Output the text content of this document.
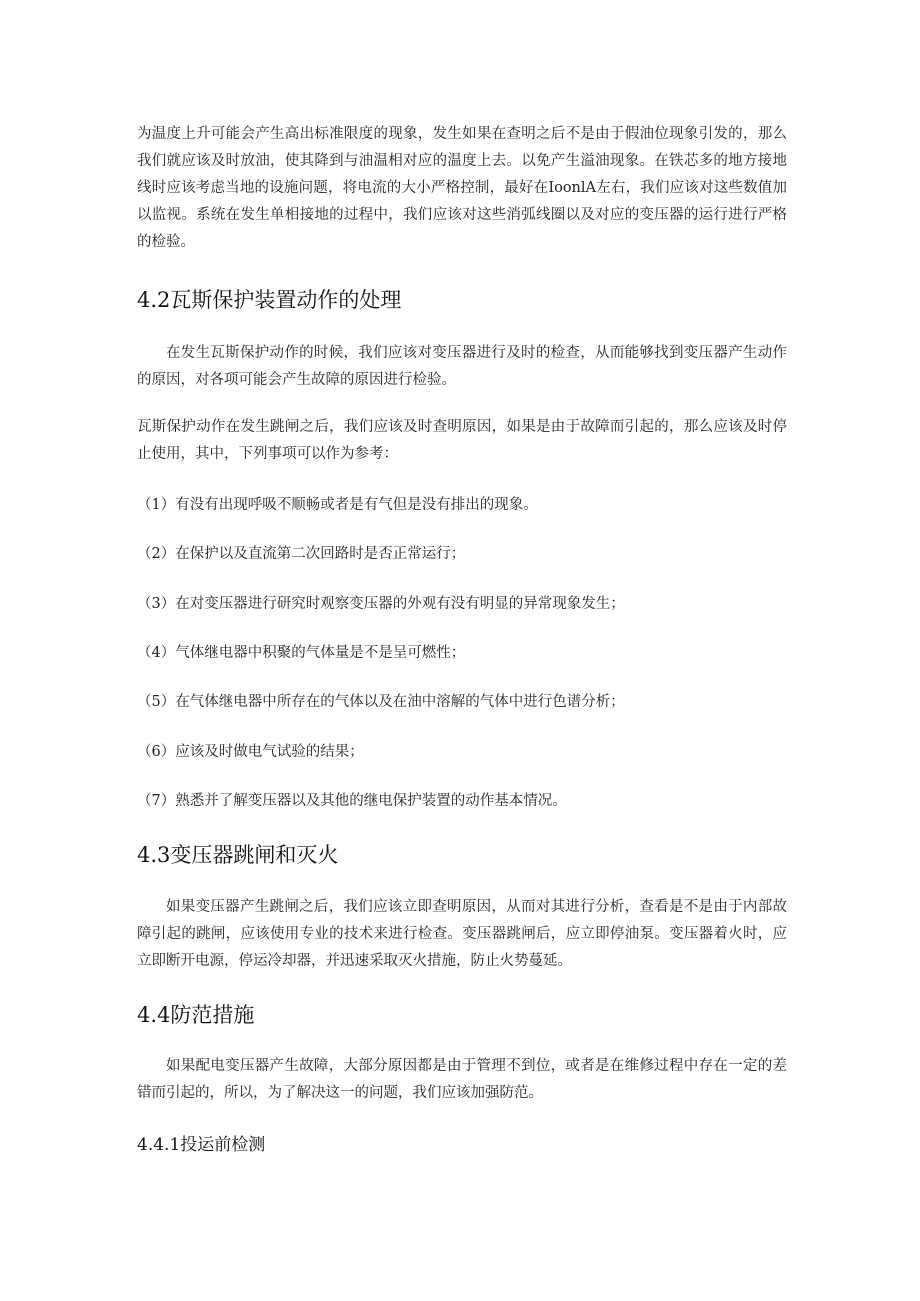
为温度上升可能会产生高出标准限度的现象，发生如果在查明之后不是由于假油位现象引发的，那么我们就应该及时放油，使其降到与油温相对应的温度上去。以免产生溢油现象。在铁芯多的地方接地线时应该考虑当地的设施问题，将电流的大小严格控制，最好在IoonlA左右，我们应该对这些数值加以监视。系统在发生单相接地的过程中，我们应该对这些消弧线圈以及对应的变压器的运行进行严格的检验。

4.2瓦斯保护装置动作的处理

在发生瓦斯保护动作的时候，我们应该对变压器进行及时的检查，从而能够找到变压器产生动作的原因，对各项可能会产生故障的原因进行检验。

瓦斯保护动作在发生跳闸之后，我们应该及时查明原因，如果是由于故障而引起的，那么应该及时停止使用，其中，下列事项可以作为参考：

（1）有没有出现呼吸不顺畅或者是有气但是没有排出的现象。

（2）在保护以及直流第二次回路时是否正常运行；

（3）在对变压器进行研究时观察变压器的外观有没有明显的异常现象发生；

（4）气体继电器中积聚的气体量是不是呈可燃性；

（5）在气体继电器中所存在的气体以及在油中溶解的气体中进行色谱分析；

（6）应该及时做电气试验的结果；

（7）熟悉并了解变压器以及其他的继电保护装置的动作基本情况。

4.3变压器跳闸和灭火

如果变压器产生跳闸之后，我们应该立即查明原因，从而对其进行分析，查看是不是由于内部故障引起的跳闸，应该使用专业的技术来进行检查。变压器跳闸后，应立即停油泵。变压器着火时，应立即断开电源，停运冷却器，并迅速采取灭火措施，防止火势蔓延。

4.4防范措施

如果配电变压器产生故障，大部分原因都是由于管理不到位，或者是在维修过程中存在一定的差错而引起的，所以，为了解决这一的问题，我们应该加强防范。

4.4.1投运前检测
